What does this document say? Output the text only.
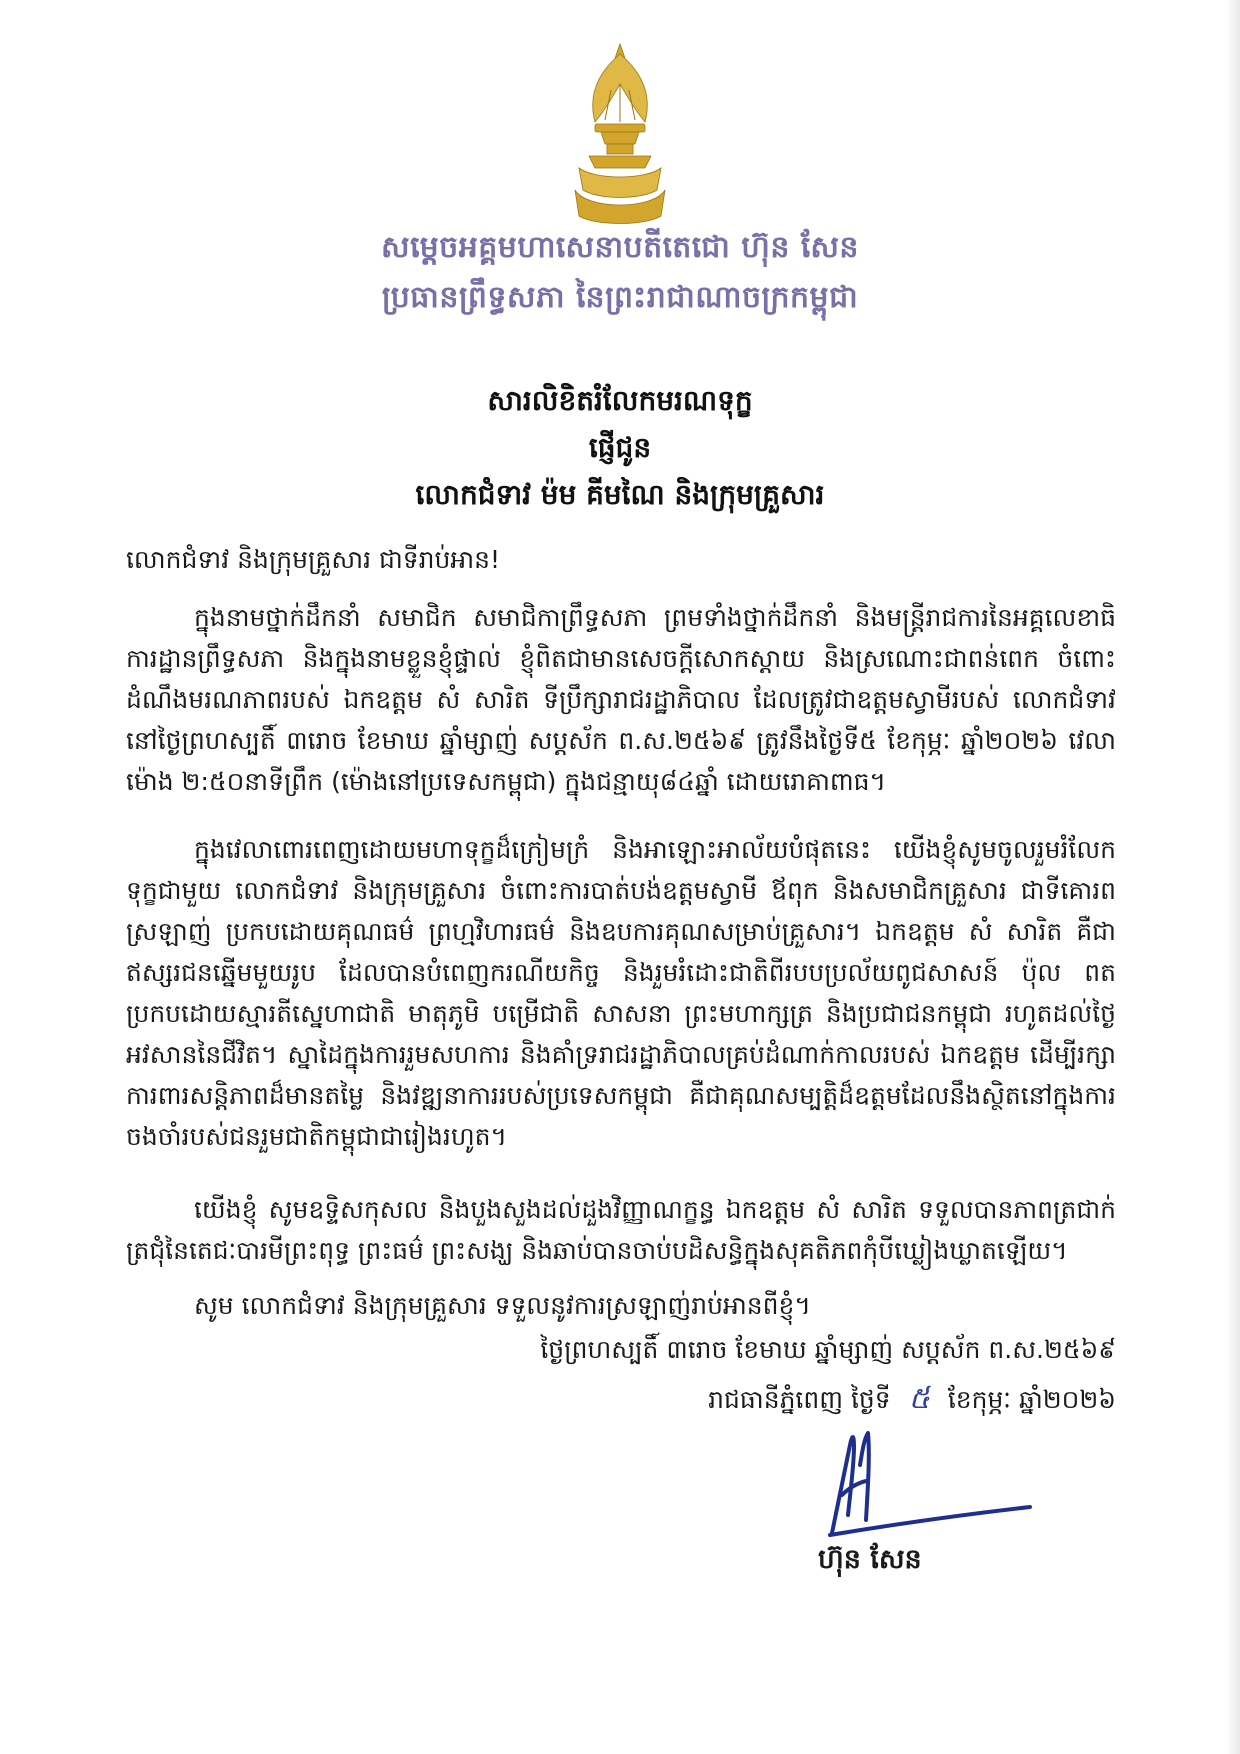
សម្ដេចអគ្គមហាសេនាបតីតេជោ ហ៊ុន សែន
ប្រធានព្រឹទ្ធសភា នៃព្រះរាជាណាចក្រកម្ពុជា
សារលិខិតរំលែកមរណទុក្ខ
ផ្ញើជូន
លោកជំទាវ ម៉ម គីមណៃ និងក្រុមគ្រួសារ
លោកជំទាវ និងក្រុមគ្រួសារ ជាទីរាប់អាន!

ក្នុងនាមថ្នាក់ដឹកនាំ សមាជិក សមាជិកាព្រឹទ្ធសភា ព្រមទាំងថ្នាក់ដឹកនាំ និងមន្ត្រីរាជការនៃអគ្គលេខាធិការដ្ឋានព្រឹទ្ធសភា និងក្នុងនាមខ្លួនខ្ញុំផ្ទាល់ ខ្ញុំពិតជាមានសេចក្តីសោកស្ដាយ និងស្រណោះជាពន់ពេក ចំពោះដំណឹងមរណភាពរបស់ ឯកឧត្តម សំ សារិត ទីប្រឹក្សារាជរដ្ឋាភិបាល ដែលត្រូវជាឧត្តមស្វាមីរបស់ លោកជំទាវ នៅថ្ងៃព្រហស្បតិ៍ ៣រោច ខែមាឃ ឆ្នាំម្សាញ់ សប្តស័ក ព.ស.២៥៦៩ ត្រូវនឹងថ្ងៃទី៥ ខែកុម្ភៈ ឆ្នាំ២០២៦ វេលាម៉ោង ២:៥០នាទីព្រឹក (ម៉ោងនៅប្រទេសកម្ពុជា) ក្នុងជន្មាយុ៨៤ឆ្នាំ ដោយរោគាពាធ។

ក្នុងវេលាពោរពេញដោយមហាទុក្ខដ៏ក្រៀមក្រំ និងអាឡោះអាល័យបំផុតនេះ យើងខ្ញុំសូមចូលរួមរំលែកទុក្ខជាមួយ លោកជំទាវ និងក្រុមគ្រួសារ ចំពោះការបាត់បង់ឧត្តមស្វាមី ឪពុក និងសមាជិកគ្រួសារ ជាទីគោរពស្រឡាញ់ ប្រកបដោយគុណធម៌ ព្រហ្មវិហារធម៌ និងឧបការគុណសម្រាប់គ្រួសារ។ ឯកឧត្តម សំ សារិត គឺជាឥស្សរជនឆ្នើមមួយរូប ដែលបានបំពេញករណីយកិច្ច និងរួមរំដោះជាតិពីរបបប្រល័យពូជសាសន៍ ប៉ុល ពត ប្រកបដោយស្មារតីស្នេហាជាតិ មាតុភូមិ បម្រើជាតិ សាសនា ព្រះមហាក្សត្រ និងប្រជាជនកម្ពុជា រហូតដល់ថ្ងៃអវសាននៃជីវិត។ ស្នាដៃក្នុងការរួមសហការ និងគាំទ្ររាជរដ្ឋាភិបាលគ្រប់ដំណាក់កាលរបស់ ឯកឧត្តម ដើម្បីរក្សាការពារសន្តិភាពដ៏មានតម្លៃ និងវឌ្ឍនាការរបស់ប្រទេសកម្ពុជា គឺជាគុណសម្បត្តិដ៏ឧត្តមដែលនឹងស្ថិតនៅក្នុងការចងចាំរបស់ជនរួមជាតិកម្ពុជាជារៀងរហូត។

យើងខ្ញុំ សូមឧទ្ទិសកុសល និងបួងសួងដល់ដួងវិញ្ញាណក្ខន្ធ ឯកឧត្តម សំ សារិត ទទួលបានភាពត្រជាក់ត្រជុំនៃតេជៈបារមីព្រះពុទ្ធ ព្រះធម៌ ព្រះសង្ឃ និងឆាប់បានចាប់បដិសន្ធិក្នុងសុគតិភពកុំបីឃ្លៀងឃ្លាតឡើយ។

សូម លោកជំទាវ និងក្រុមគ្រួសារ ទទួលនូវការស្រឡាញ់រាប់អានពីខ្ញុំ។
ថ្ងៃព្រហស្បតិ៍ ៣រោច ខែមាឃ ឆ្នាំម្សាញ់ សប្តស័ក ព.ស.២៥៦៩
រាជធានីភ្នំពេញ ថ្ងៃទី ៥ ខែកុម្ភៈ ឆ្នាំ២០២៦
ហ៊ុន សែន
